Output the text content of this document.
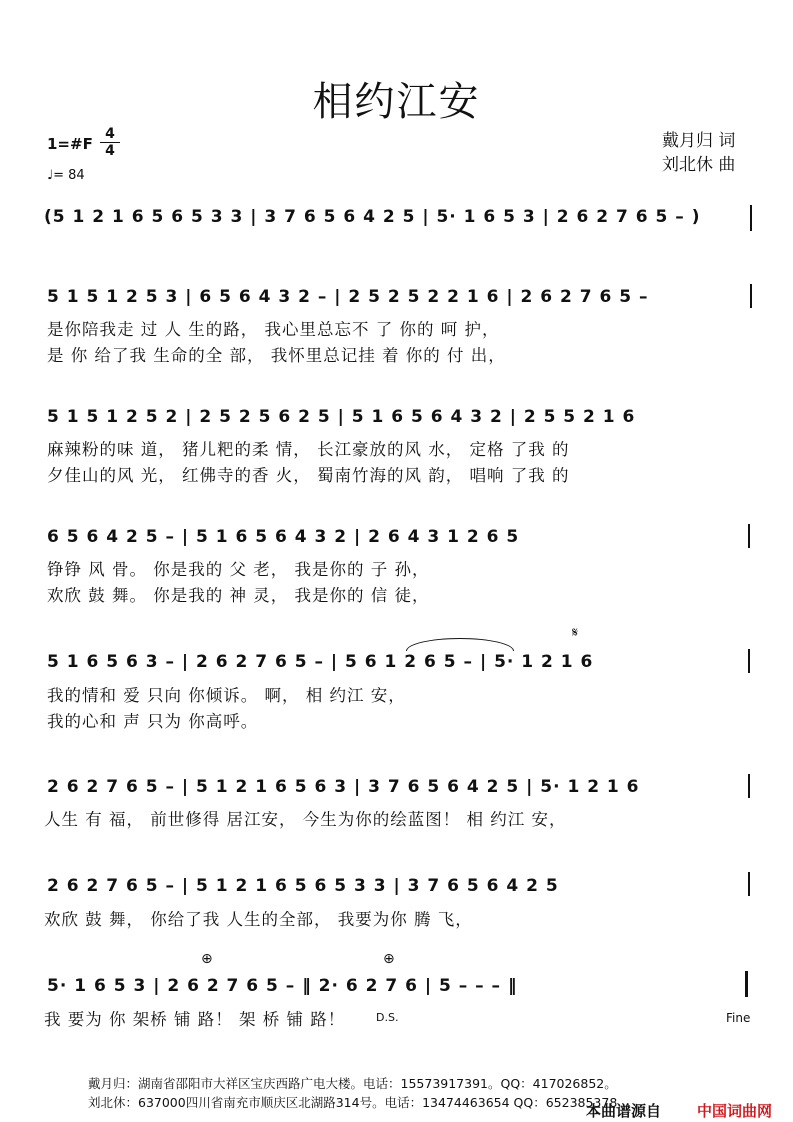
相约江安
戴月归 词
刘北休 曲
1=#F
4
4
♩= 84
(5 1 2 1 6 5 6 5 3 3 | 3 7 6 5 6 4 2 5 | 5· 1 6 5 3 | 2 6 2 7 6 5 – )
5 1 5 1 2 5 3 | 6 5 6 4 3 2 – | 2 5 2 5 2 2 1 6 | 2 6 2 7 6 5 –
是你陪我走 过 人 生的路， 我心里总忘不 了 你的 呵 护，
是 你 给了我 生命的全 部， 我怀里总记挂 着 你的 付 出，
5 1 5 1 2 5 2 | 2 5 2 5 6 2 5 | 5 1 6 5 6 4 3 2 | 2 5 5 2 1 6
麻辣粉的味 道， 猪儿粑的柔 情， 长江豪放的风 水， 定格 了我 的
夕佳山的风 光， 红佛寺的香 火， 蜀南竹海的风 韵， 唱响 了我 的
6 5 6 4 2 5 – | 5 1 6 5 6 4 3 2 | 2 6 4 3 1 2 6 5
铮铮 风 骨。 你是我的 父 老， 我是你的 子 孙，
欢欣 鼓 舞。 你是我的 神 灵， 我是你的 信 徒，
𝄋
5 1 6 5 6 3 – | 2 6 2 7 6 5 – | 5 6 1 2 6 5 – | 5· 1 2 1 6
我的情和 爱 只向 你倾诉。 啊， 相 约江 安，
我的心和 声 只为 你高呼。
2 6 2 7 6 5 – | 5 1 2 1 6 5 6 3 | 3 7 6 5 6 4 2 5 | 5· 1 2 1 6
人生 有 福， 前世修得 居江安， 今生为你的绘蓝图！ 相 约江 安，
2 6 2 7 6 5 – | 5 1 2 1 6 5 6 5 3 3 | 3 7 6 5 6 4 2 5
欢欣 鼓 舞， 你给了我 人生的全部， 我要为你 腾 飞，
⊕	⊕
5· 1 6 5 3 | 2 6 2 7 6 5 – ‖ 2· 6 2 7 6 | 5 – – – ‖
我 要为 你 架桥 铺 路！ 架 桥 铺 路！	D.S.	Fine
戴月归：湖南省邵阳市大祥区宝庆西路广电大楼。电话：15573917391。QQ：417026852。
刘北休：637000四川省南充市顺庆区北湖路314号。电话：13474463654 QQ：652385378
本曲谱源自 中国词曲网
